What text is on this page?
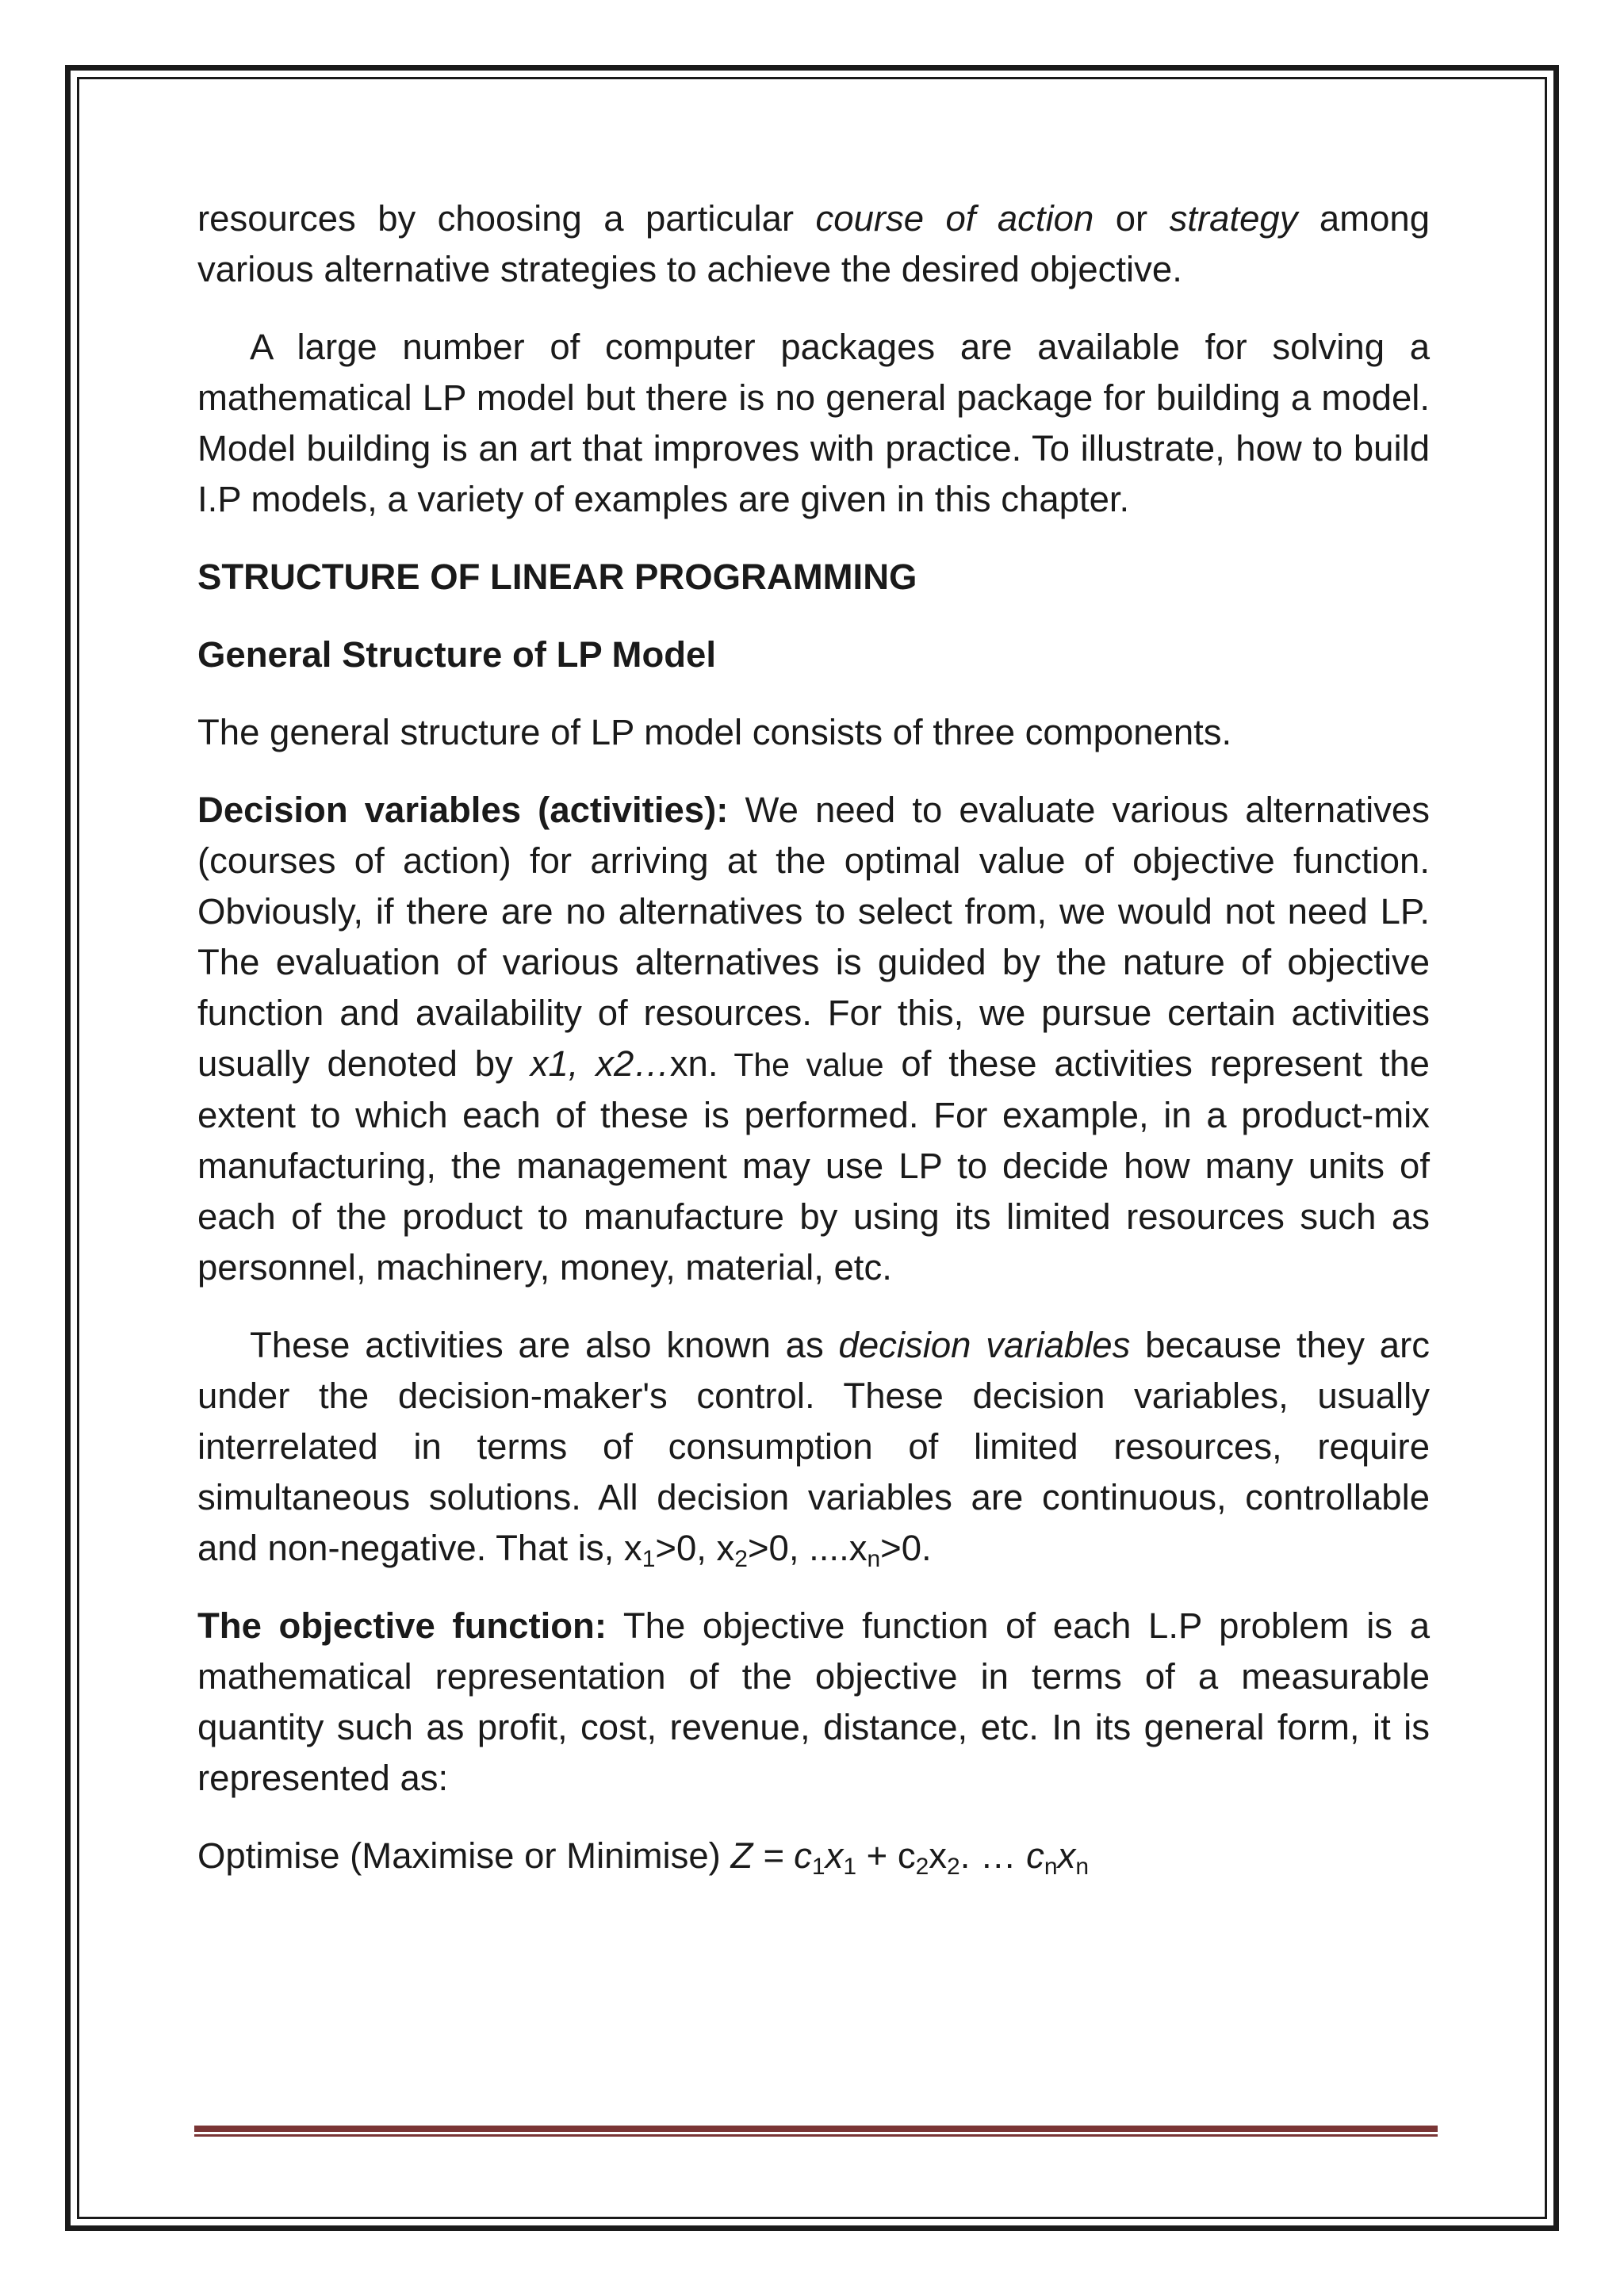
resources by choosing a particular course of action or strategy among various alternative strategies to achieve the desired objective.

A large number of computer packages are available for solving a mathematical LP model but there is no general package for building a model. Model building is an art that improves with practice. To illustrate, how to build I.P models, a variety of examples are given in this chapter.

STRUCTURE OF LINEAR PROGRAMMING
General Structure of LP Model

The general structure of LP model consists of three components.

Decision variables (activities): We need to evaluate various alternatives (courses of action) for arriving at the optimal value of objective function. Obviously, if there are no alternatives to select from, we would not need LP. The evaluation of various alternatives is guided by the nature of objective function and availability of resources. For this, we pursue certain activities usually denoted by x1, x2…xn. The value of these activities represent the extent to which each of these is performed. For example, in a product-mix manufacturing, the management may use LP to decide how many units of each of the product to manufacture by using its limited resources such as personnel, machinery, money, material, etc.

These activities are also known as decision variables because they arc under the decision-maker's control. These decision variables, usually interrelated in terms of consumption of limited resources, require simultaneous solutions. All decision variables are continuous, controllable and non-negative. That is, $x_1>0$, $x_2>0$, $....x_n>0$.

The objective function: The objective function of each L.P problem is a mathematical representation of the objective in terms of a measurable quantity such as profit, cost, revenue, distance, etc. In its general form, it is represented as:

Optimise (Maximise or Minimise) $Z = c_1x_1 + c_2x_2$. … $c_nx_n$
